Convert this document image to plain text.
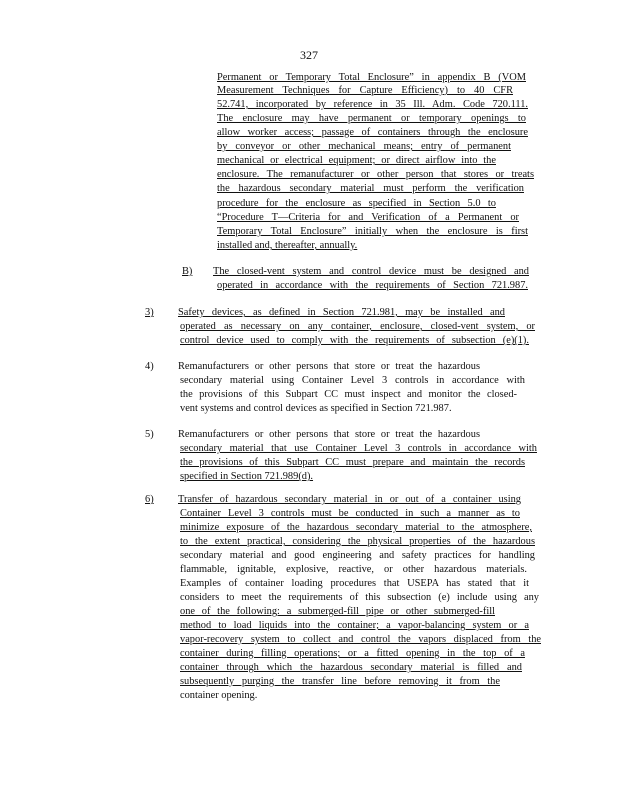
327
Permanent or Temporary Total Enclosure” in appendix B (VOM
Measurement Techniques for Capture Efficiency) to 40 CFR
52.741, incorporated by reference in 35 Ill. Adm. Code 720.111.
The enclosure may have permanent or temporary openings to
allow worker access; passage of containers through the enclosure
by conveyor or other mechanical means; entry of permanent
mechanical or electrical equipment; or direct airflow into the
enclosure. The remanufacturer or other person that stores or treats
the hazardous secondary material must perform the verification
procedure for the enclosure as specified in Section 5.0 to
“Procedure T—Criteria for and Verification of a Permanent or
Temporary Total Enclosure” initially when the enclosure is first
installed and, thereafter, annually.
B) The closed-vent system and control device must be designed and
operated in accordance with the requirements of Section 721.987.
3) Safety devices, as defined in Section 721.981, may be installed and
operated as necessary on any container, enclosure, closed-vent system, or
control device used to comply with the requirements of subsection (e)(1).
4) Remanufacturers or other persons that store or treat the hazardous
secondary material using Container Level 3 controls in accordance with
the provisions of this Subpart CC must inspect and monitor the closed-
vent systems and control devices as specified in Section 721.987.
5) Remanufacturers or other persons that store or treat the hazardous
secondary material that use Container Level 3 controls in accordance with
the provisions of this Subpart CC must prepare and maintain the records
specified in Section 721.989(d).
6) Transfer of hazardous secondary material in or out of a container using
Container Level 3 controls must be conducted in such a manner as to
minimize exposure of the hazardous secondary material to the atmosphere,
to the extent practical, considering the physical properties of the hazardous
secondary material and good engineering and safety practices for handling
flammable, ignitable, explosive, reactive, or other hazardous materials.
Examples of container loading procedures that USEPA has stated that it
considers to meet the requirements of this subsection (e) include using any
one of the following: a submerged-fill pipe or other submerged-fill
method to load liquids into the container; a vapor-balancing system or a
vapor-recovery system to collect and control the vapors displaced from the
container during filling operations; or a fitted opening in the top of a
container through which the hazardous secondary material is filled and
subsequently purging the transfer line before removing it from the
container opening.
